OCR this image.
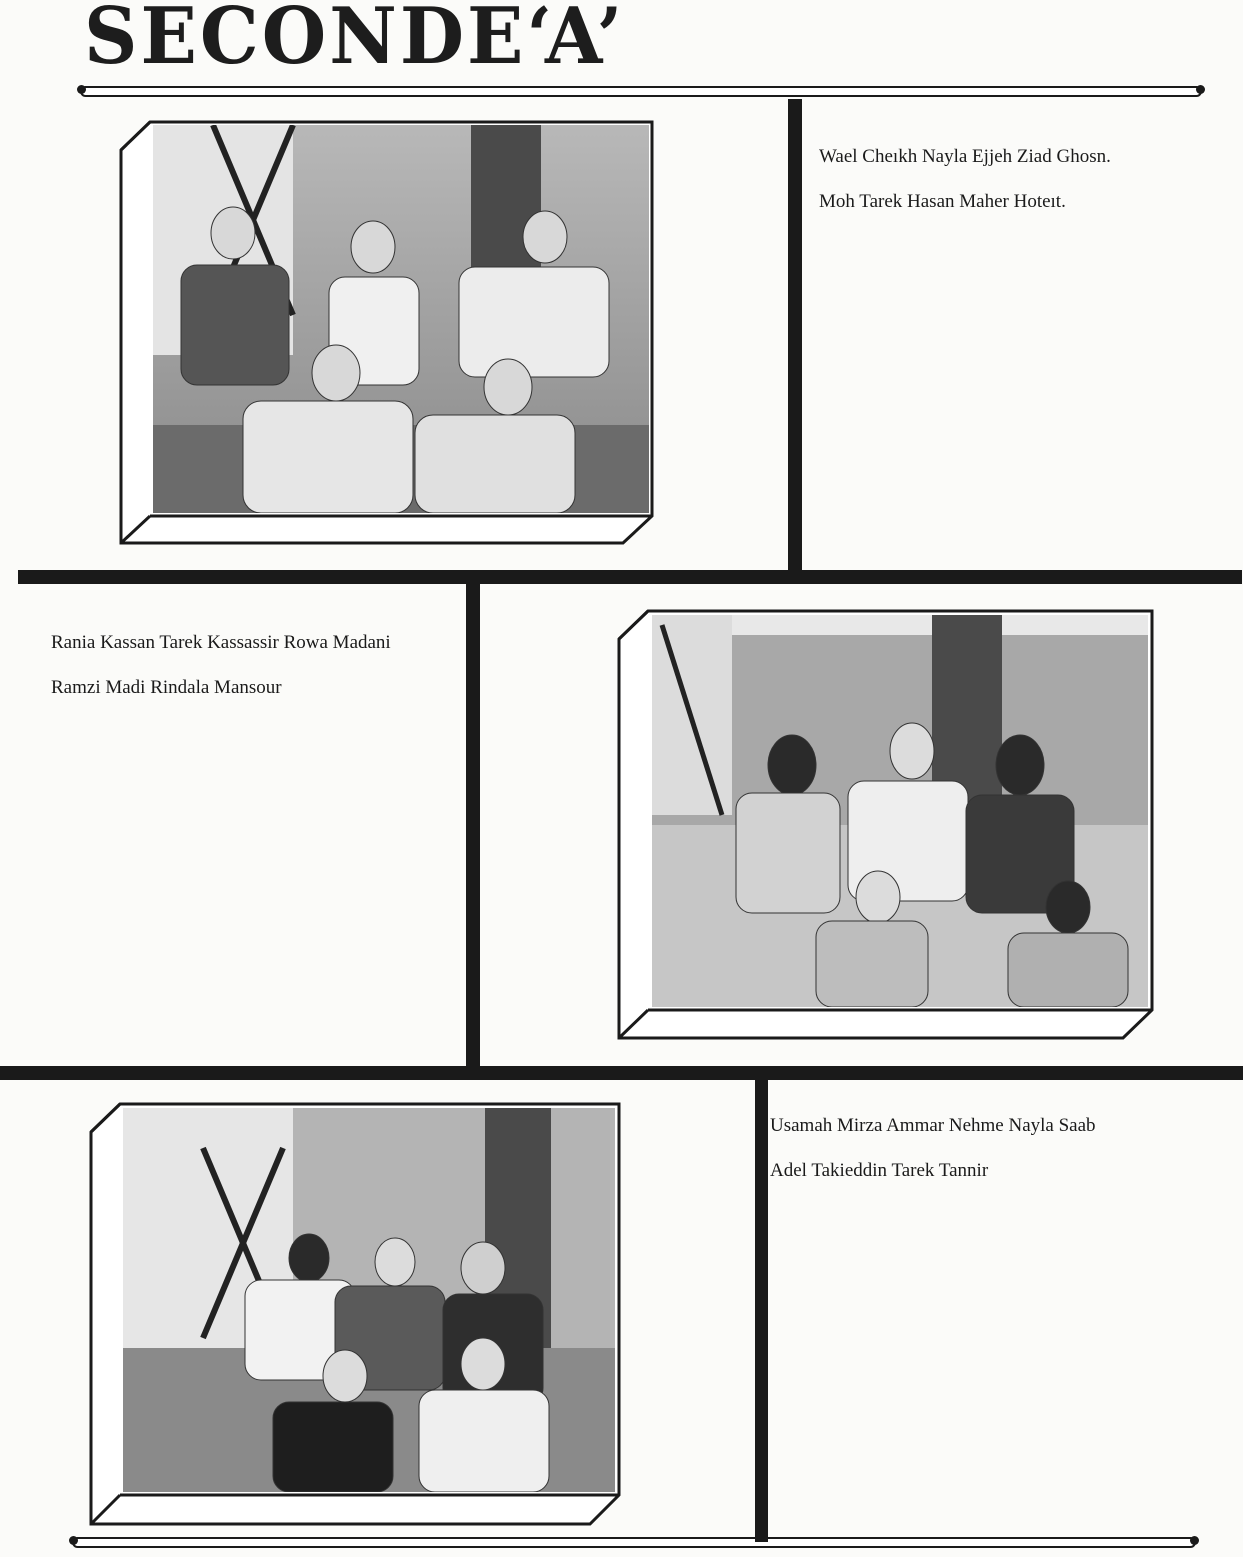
SECONDE‘A’

Wael Cheıkh Nayla Ejjeh Ziad Ghosn.

Moh Tarek Hasan Maher Hoteıt.

Rania Kassan Tarek Kassassir Rowa Madani

Ramzi Madi Rindala Mansour

Usamah Mirza Ammar Nehme Nayla Saab

Adel Takieddin Tarek Tannir
